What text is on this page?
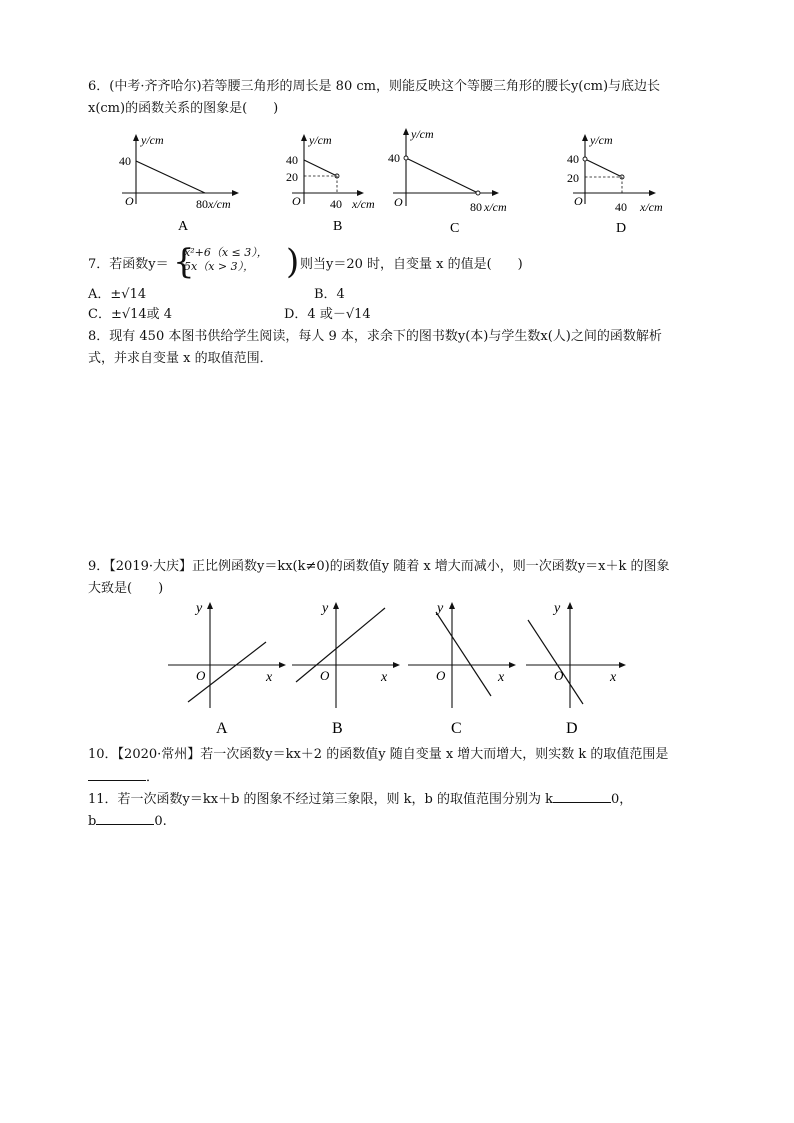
6．(中考·齐齐哈尔)若等腰三角形的周长是 80 cm，则能反映这个等腰三角形的腰长y(cm)与底边长
x(cm)的函数关系的图象是(　　)
y/cm
40
O	80 x/cm
A
y/cm
40
20
O 40 x/cm
B
y/cm
40
O	80 x/cm
C
y/cm
40
20
O	40 x/cm
D
7．若函数y＝ {
x²+6（x ≤ 3），
5x（x > 3）， ) 则当y＝20 时，自变量 x 的值是(　　)
A．±√14	B．4
C．±√14或 4	D．4 或－√14
8．现有 450 本图书供给学生阅读，每人 9 本，求余下的图书数y(本)与学生数x(人)之间的函数解析
式，并求自变量 x 的取值范围．
9．【2019·大庆】正比例函数y＝kx(k≠0)的函数值y 随着 x 增大而减小，则一次函数y＝x＋k 的图象
大致是(　　)
y
O	x
A
y
O	x
B
y
O	x
C
y
O	x
D
10．【2020·常州】若一次函数y＝kx＋2 的函数值y 随自变量 x 增大而增大，则实数 k 的取值范围是
．
11．若一次函数y＝kx＋b 的图象不经过第三象限，则 k，b 的取值范围分别为 k	0，
b	0.
